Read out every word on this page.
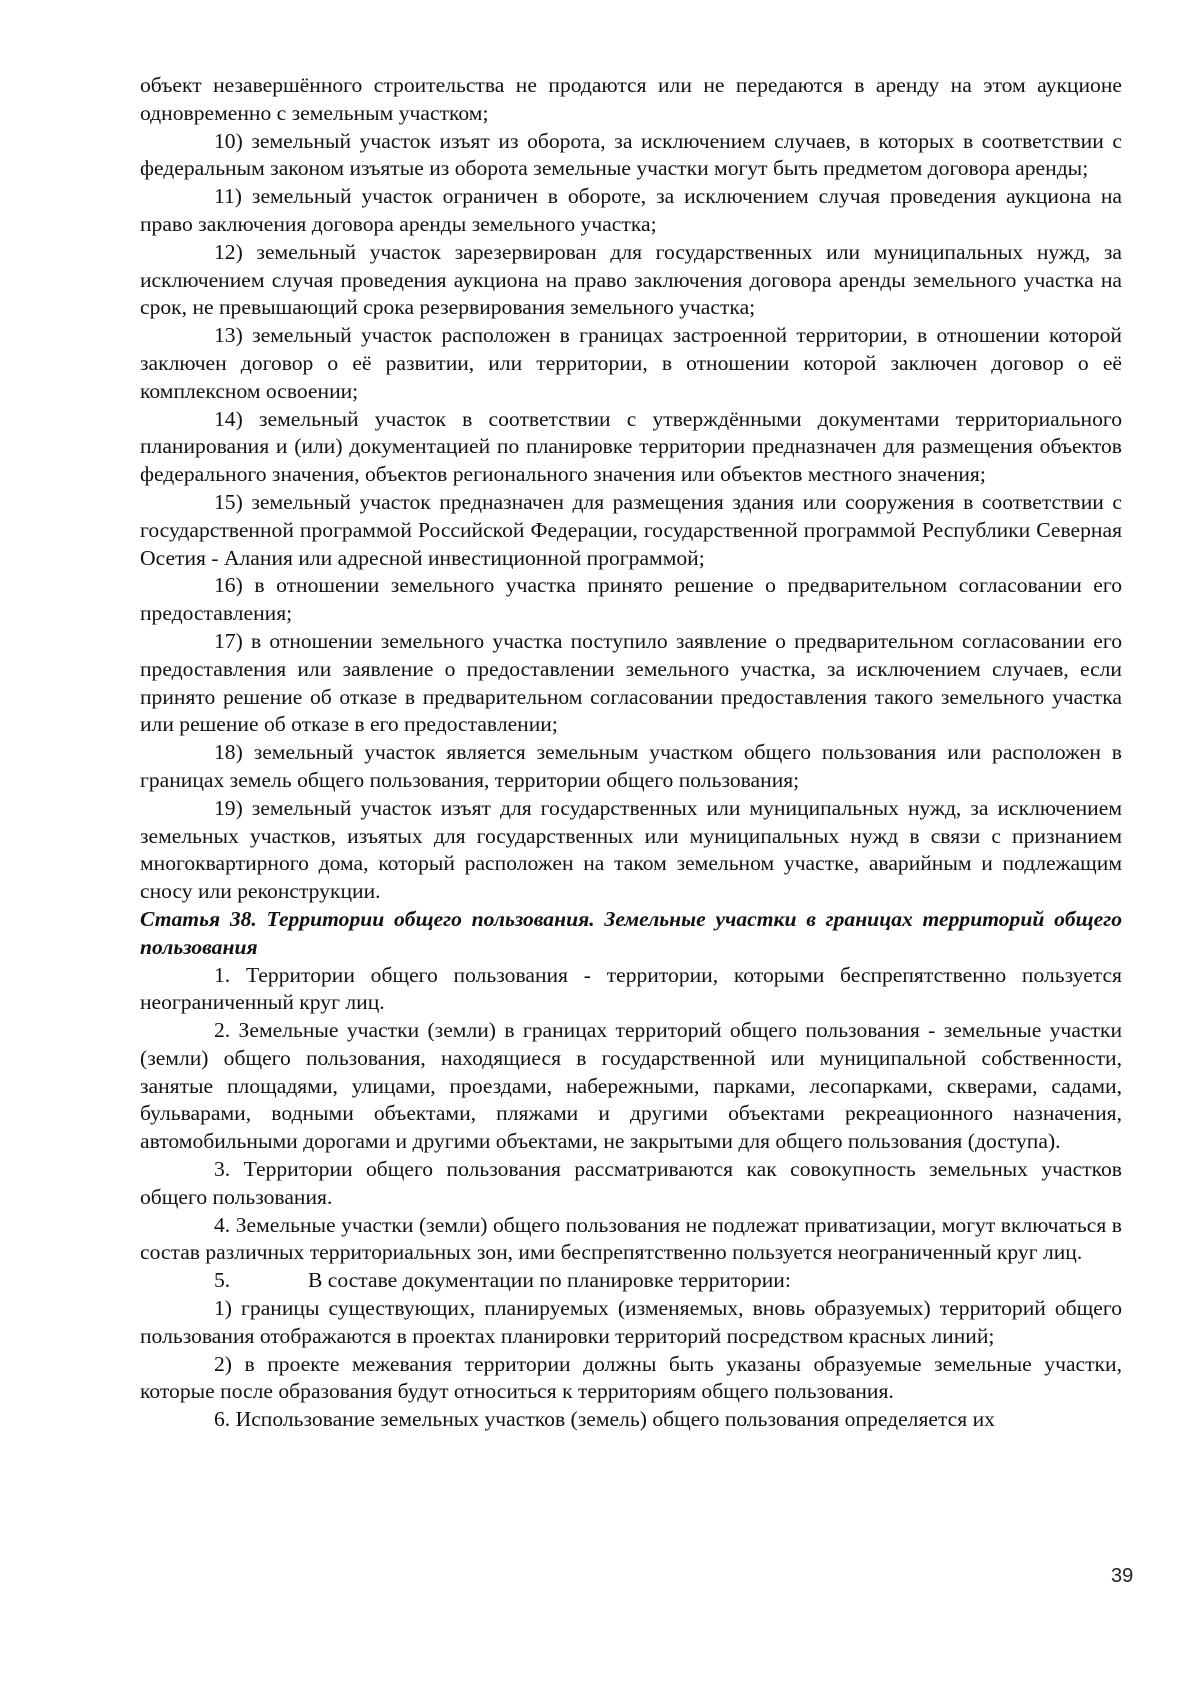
объект незавершённого строительства не продаются или не передаются в аренду на этом аукционе одновременно с земельным участком;

10) земельный участок изъят из оборота, за исключением случаев, в которых в соответствии с федеральным законом изъятые из оборота земельные участки могут быть предметом договора аренды;

11) земельный участок ограничен в обороте, за исключением случая проведения аукциона на право заключения договора аренды земельного участка;

12) земельный участок зарезервирован для государственных или муниципальных нужд, за исключением случая проведения аукциона на право заключения договора аренды земельного участка на срок, не превышающий срока резервирования земельного участка;

13) земельный участок расположен в границах застроенной территории, в отношении которой заключен договор о её развитии, или территории, в отношении которой заключен договор о её комплексном освоении;

14) земельный участок в соответствии с утверждёнными документами территориального планирования и (или) документацией по планировке территории предназначен для размещения объектов федерального значения, объектов регионального значения или объектов местного значения;

15) земельный участок предназначен для размещения здания или сооружения в соответствии с государственной программой Российской Федерации, государственной программой Республики Северная Осетия - Алания или адресной инвестиционной программой;

16) в отношении земельного участка принято решение о предварительном согласовании его предоставления;

17) в отношении земельного участка поступило заявление о предварительном согласовании его предоставления или заявление о предоставлении земельного участка, за исключением случаев, если принято решение об отказе в предварительном согласовании предоставления такого земельного участка или решение об отказе в его предоставлении;

18) земельный участок является земельным участком общего пользования или расположен в границах земель общего пользования, территории общего пользования;

19) земельный участок изъят для государственных или муниципальных нужд, за исключением земельных участков, изъятых для государственных или муниципальных нужд в связи с признанием многоквартирного дома, который расположен на таком земельном участке, аварийным и подлежащим сносу или реконструкции.

Статья 38. Территории общего пользования. Земельные участки в границах территорий общего пользования

1. Территории общего пользования - территории, которыми беспрепятственно пользуется неограниченный круг лиц.

2. Земельные участки (земли) в границах территорий общего пользования - земельные участки (земли) общего пользования, находящиеся в государственной или муниципальной собственности, занятые площадями, улицами, проездами, набережными, парками, лесопарками, скверами, садами, бульварами, водными объектами, пляжами и другими объектами рекреационного назначения, автомобильными дорогами и другими объектами, не закрытыми для общего пользования (доступа).

3. Территории общего пользования рассматриваются как совокупность земельных участков общего пользования.

4. Земельные участки (земли) общего пользования не подлежат приватизации, могут включаться в состав различных территориальных зон, ими беспрепятственно пользуется неограниченный круг лиц.

5.	В составе документации по планировке территории:

1) границы существующих, планируемых (изменяемых, вновь образуемых) территорий общего пользования отображаются в проектах планировки территорий посредством красных линий;

2) в проекте межевания территории должны быть указаны образуемые земельные участки, которые после образования будут относиться к территориям общего пользования.

6. Использование земельных участков (земель) общего пользования определяется их

39
